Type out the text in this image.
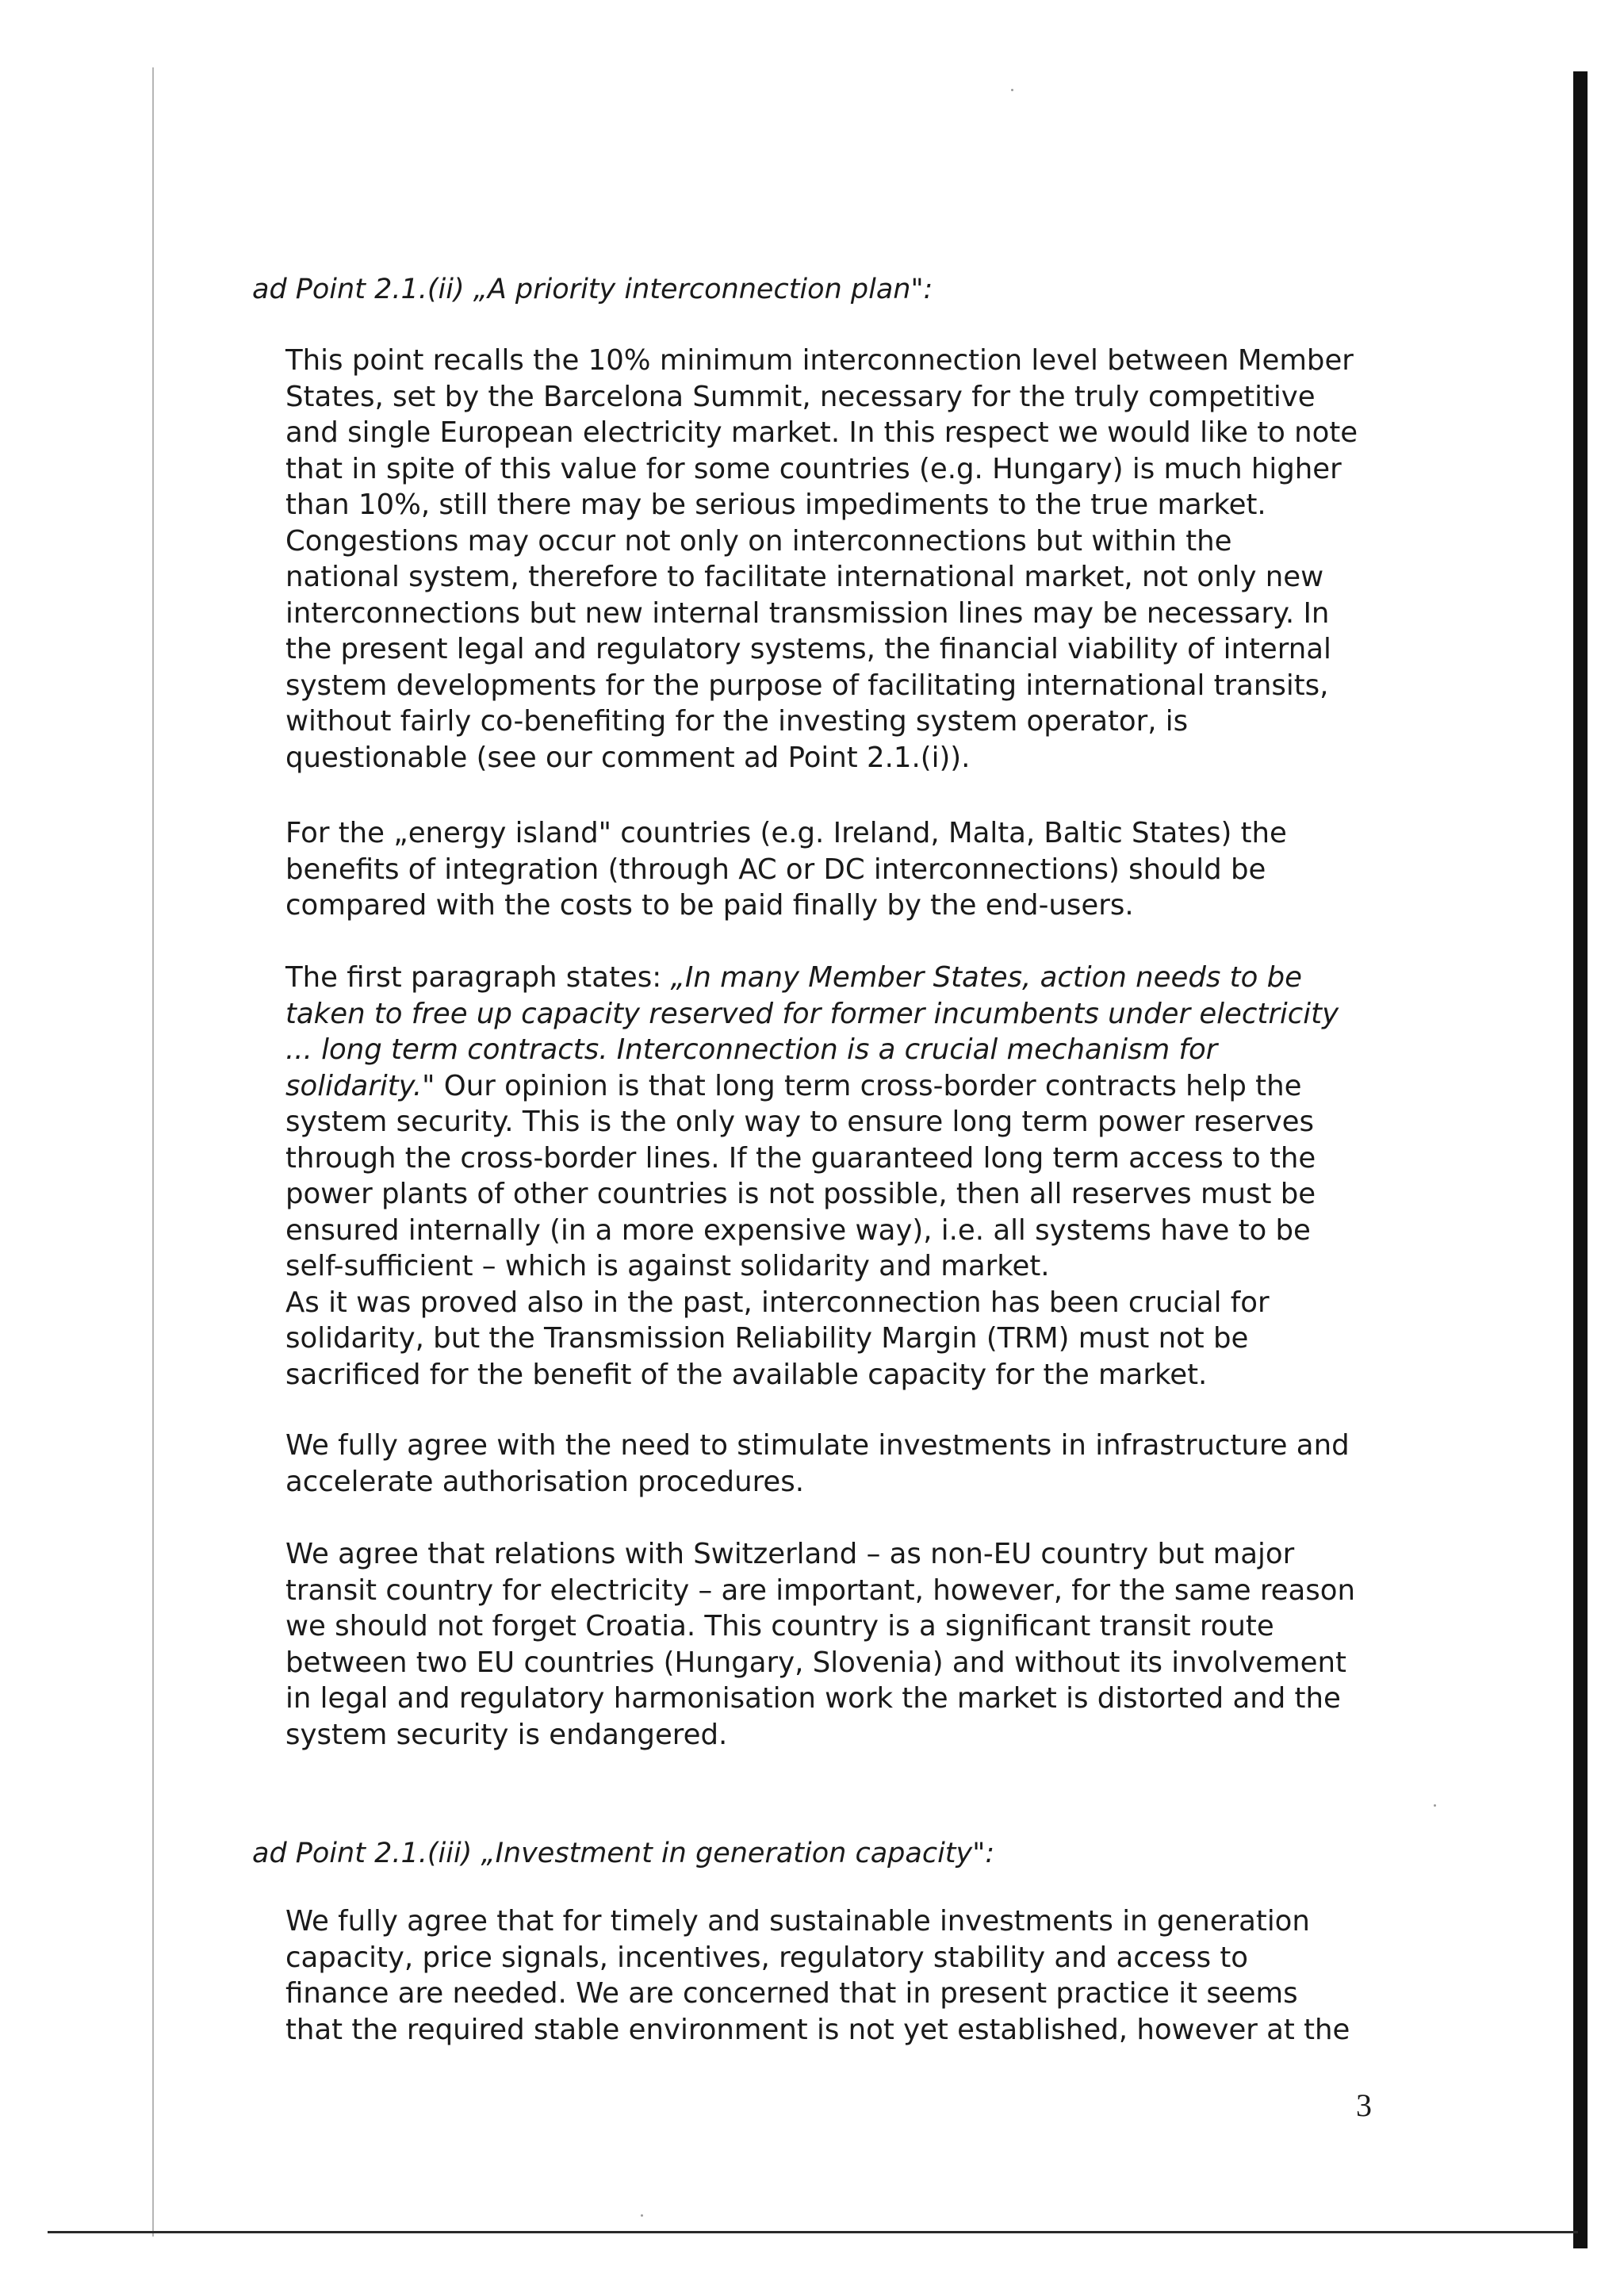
ad Point 2.1.(ii) „A priority interconnection plan":

This point recalls the 10% minimum interconnection level between Member
States, set by the Barcelona Summit, necessary for the truly competitive
and single European electricity market. In this respect we would like to note
that in spite of this value for some countries (e.g. Hungary) is much higher
than 10%, still there may be serious impediments to the true market.
Congestions may occur not only on interconnections but within the
national system, therefore to facilitate international market, not only new
interconnections but new internal transmission lines may be necessary. In
the present legal and regulatory systems, the financial viability of internal
system developments for the purpose of facilitating international transits,
without fairly co-benefiting for the investing system operator, is
questionable (see our comment ad Point 2.1.(i)).

For the „energy island" countries (e.g. Ireland, Malta, Baltic States) the
benefits of integration (through AC or DC interconnections) should be
compared with the costs to be paid finally by the end-users.

The first paragraph states: „In many Member States, action needs to be
taken to free up capacity reserved for former incumbents under electricity
... long term contracts. Interconnection is a crucial mechanism for
solidarity." Our opinion is that long term cross-border contracts help the
system security. This is the only way to ensure long term power reserves
through the cross-border lines. If the guaranteed long term access to the
power plants of other countries is not possible, then all reserves must be
ensured internally (in a more expensive way), i.e. all systems have to be
self-sufficient – which is against solidarity and market.
As it was proved also in the past, interconnection has been crucial for
solidarity, but the Transmission Reliability Margin (TRM) must not be
sacrificed for the benefit of the available capacity for the market.

We fully agree with the need to stimulate investments in infrastructure and
accelerate authorisation procedures.

We agree that relations with Switzerland – as non-EU country but major
transit country for electricity – are important, however, for the same reason
we should not forget Croatia. This country is a significant transit route
between two EU countries (Hungary, Slovenia) and without its involvement
in legal and regulatory harmonisation work the market is distorted and the
system security is endangered.

ad Point 2.1.(iii) „Investment in generation capacity":

We fully agree that for timely and sustainable investments in generation
capacity, price signals, incentives, regulatory stability and access to
finance are needed. We are concerned that in present practice it seems
that the required stable environment is not yet established, however at the

3
